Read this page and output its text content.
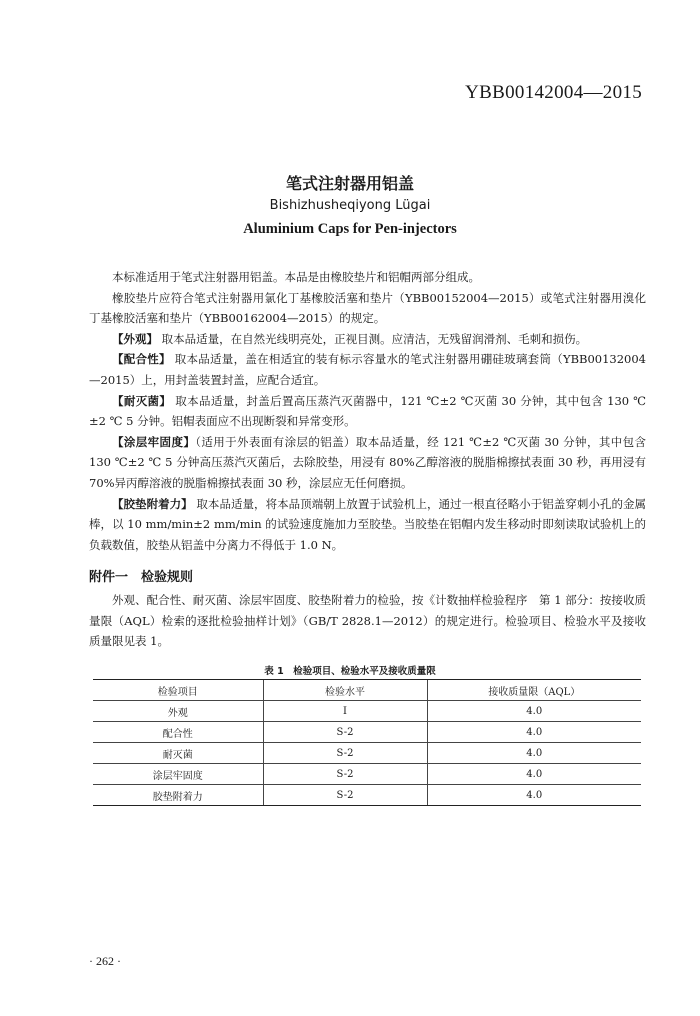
YBB00142004—2015
笔式注射器用铝盖
Bishizhusheqiyong Lügai
Aluminium Caps for Pen-injectors

本标准适用于笔式注射器用铝盖。本品是由橡胶垫片和铝帽两部分组成。

橡胶垫片应符合笔式注射器用氯化丁基橡胶活塞和垫片（YBB00152004—2015）或笔式注射器用溴化丁基橡胶活塞和垫片（YBB00162004—2015）的规定。

【外观】 取本品适量，在自然光线明亮处，正视目测。应清洁，无残留润滑剂、毛刺和损伤。

【配合性】 取本品适量，盖在相适宜的装有标示容量水的笔式注射器用硼硅玻璃套筒（YBB00132004—2015）上，用封盖装置封盖，应配合适宜。

【耐灭菌】 取本品适量，封盖后置高压蒸汽灭菌器中，121 ℃±2 ℃灭菌 30 分钟，其中包含 130 ℃±2 ℃ 5 分钟。铝帽表面应不出现断裂和异常变形。

【涂层牢固度】（适用于外表面有涂层的铝盖）取本品适量，经 121 ℃±2 ℃灭菌 30 分钟，其中包含 130 ℃±2 ℃ 5 分钟高压蒸汽灭菌后，去除胶垫，用浸有 80%乙醇溶液的脱脂棉擦拭表面 30 秒，再用浸有 70%异丙醇溶液的脱脂棉擦拭表面 30 秒，涂层应无任何磨损。

【胶垫附着力】 取本品适量，将本品顶端朝上放置于试验机上，通过一根直径略小于铝盖穿刺小孔的金属棒，以 10 mm/min±2 mm/min 的试验速度施加力至胶垫。当胶垫在铝帽内发生移动时即刻读取试验机上的负载数值，胶垫从铝盖中分离力不得低于 1.0 N。

附件一　检验规则

外观、配合性、耐灭菌、涂层牢固度、胶垫附着力的检验，按《计数抽样检验程序　第 1 部分：按接收质量限（AQL）检索的逐批检验抽样计划》（GB/T 2828.1—2012）的规定进行。检验项目、检验水平及接收质量限见表 1。

表 1　检验项目、检验水平及接收质量限
检验项目	检验水平	接收质量限（AQL）
外观	I	4.0
配合性	S-2	4.0
耐灭菌	S-2	4.0
涂层牢固度	S-2	4.0
胶垫附着力	S-2	4.0
· 262 ·
